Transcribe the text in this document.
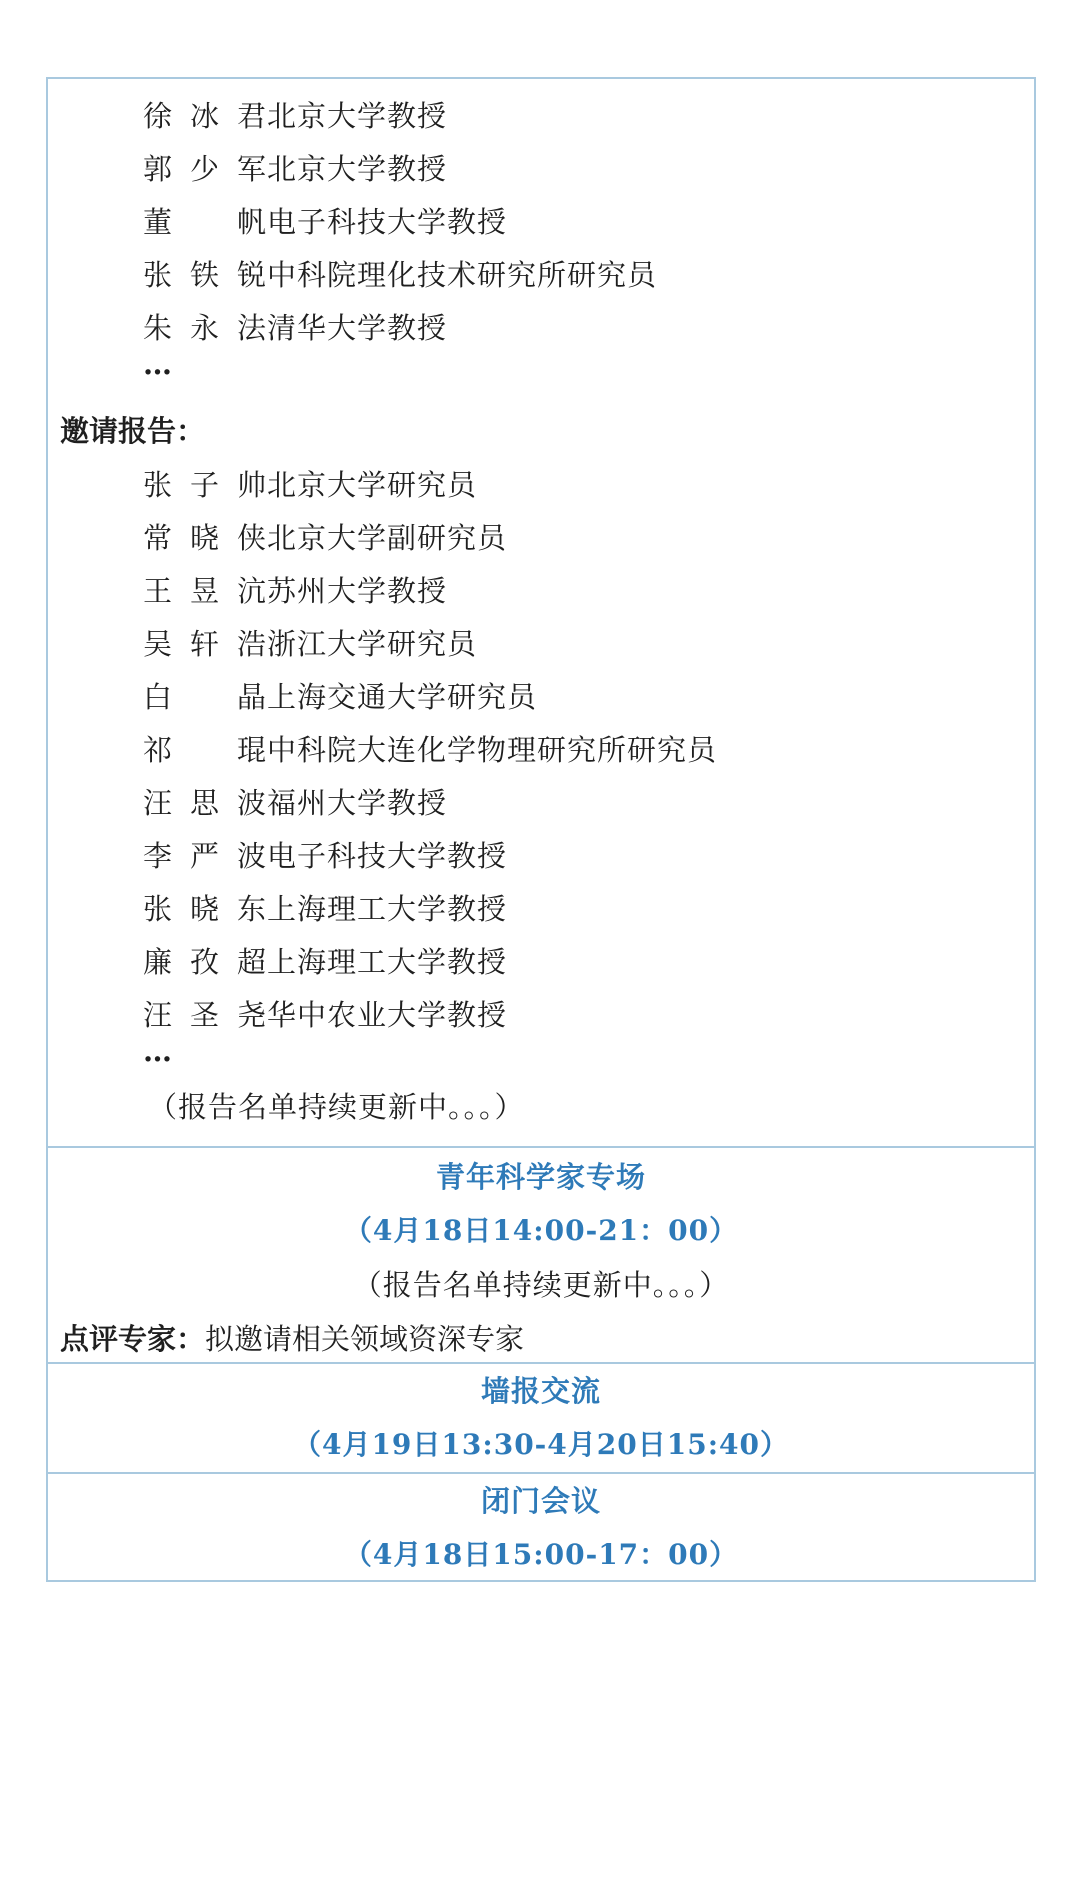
徐冰君 北京大学教授
郭少军 北京大学教授
董　帆 电子科技大学教授
张铁锐 中科院理化技术研究所研究员
朱永法 清华大学教授
…
邀请报告：
张子帅 北京大学研究员
常晓侠 北京大学副研究员
王昱沆 苏州大学教授
吴轩浩 浙江大学研究员
白　晶 上海交通大学研究员
祁　琨 中科院大连化学物理研究所研究员
汪思波 福州大学教授
李严波 电子科技大学教授
张晓东 上海理工大学教授
廉孜超 上海理工大学教授
汪圣尧 华中农业大学教授
…
（报告名单持续更新中。。。）
青年科学家专场
（4月18日14:00-21：00）
（报告名单持续更新中。。。）
点评专家：拟邀请相关领域资深专家
墙报交流
（4月19日13:30-4月20日15:40）
闭门会议
（4月18日15:00-17：00）
